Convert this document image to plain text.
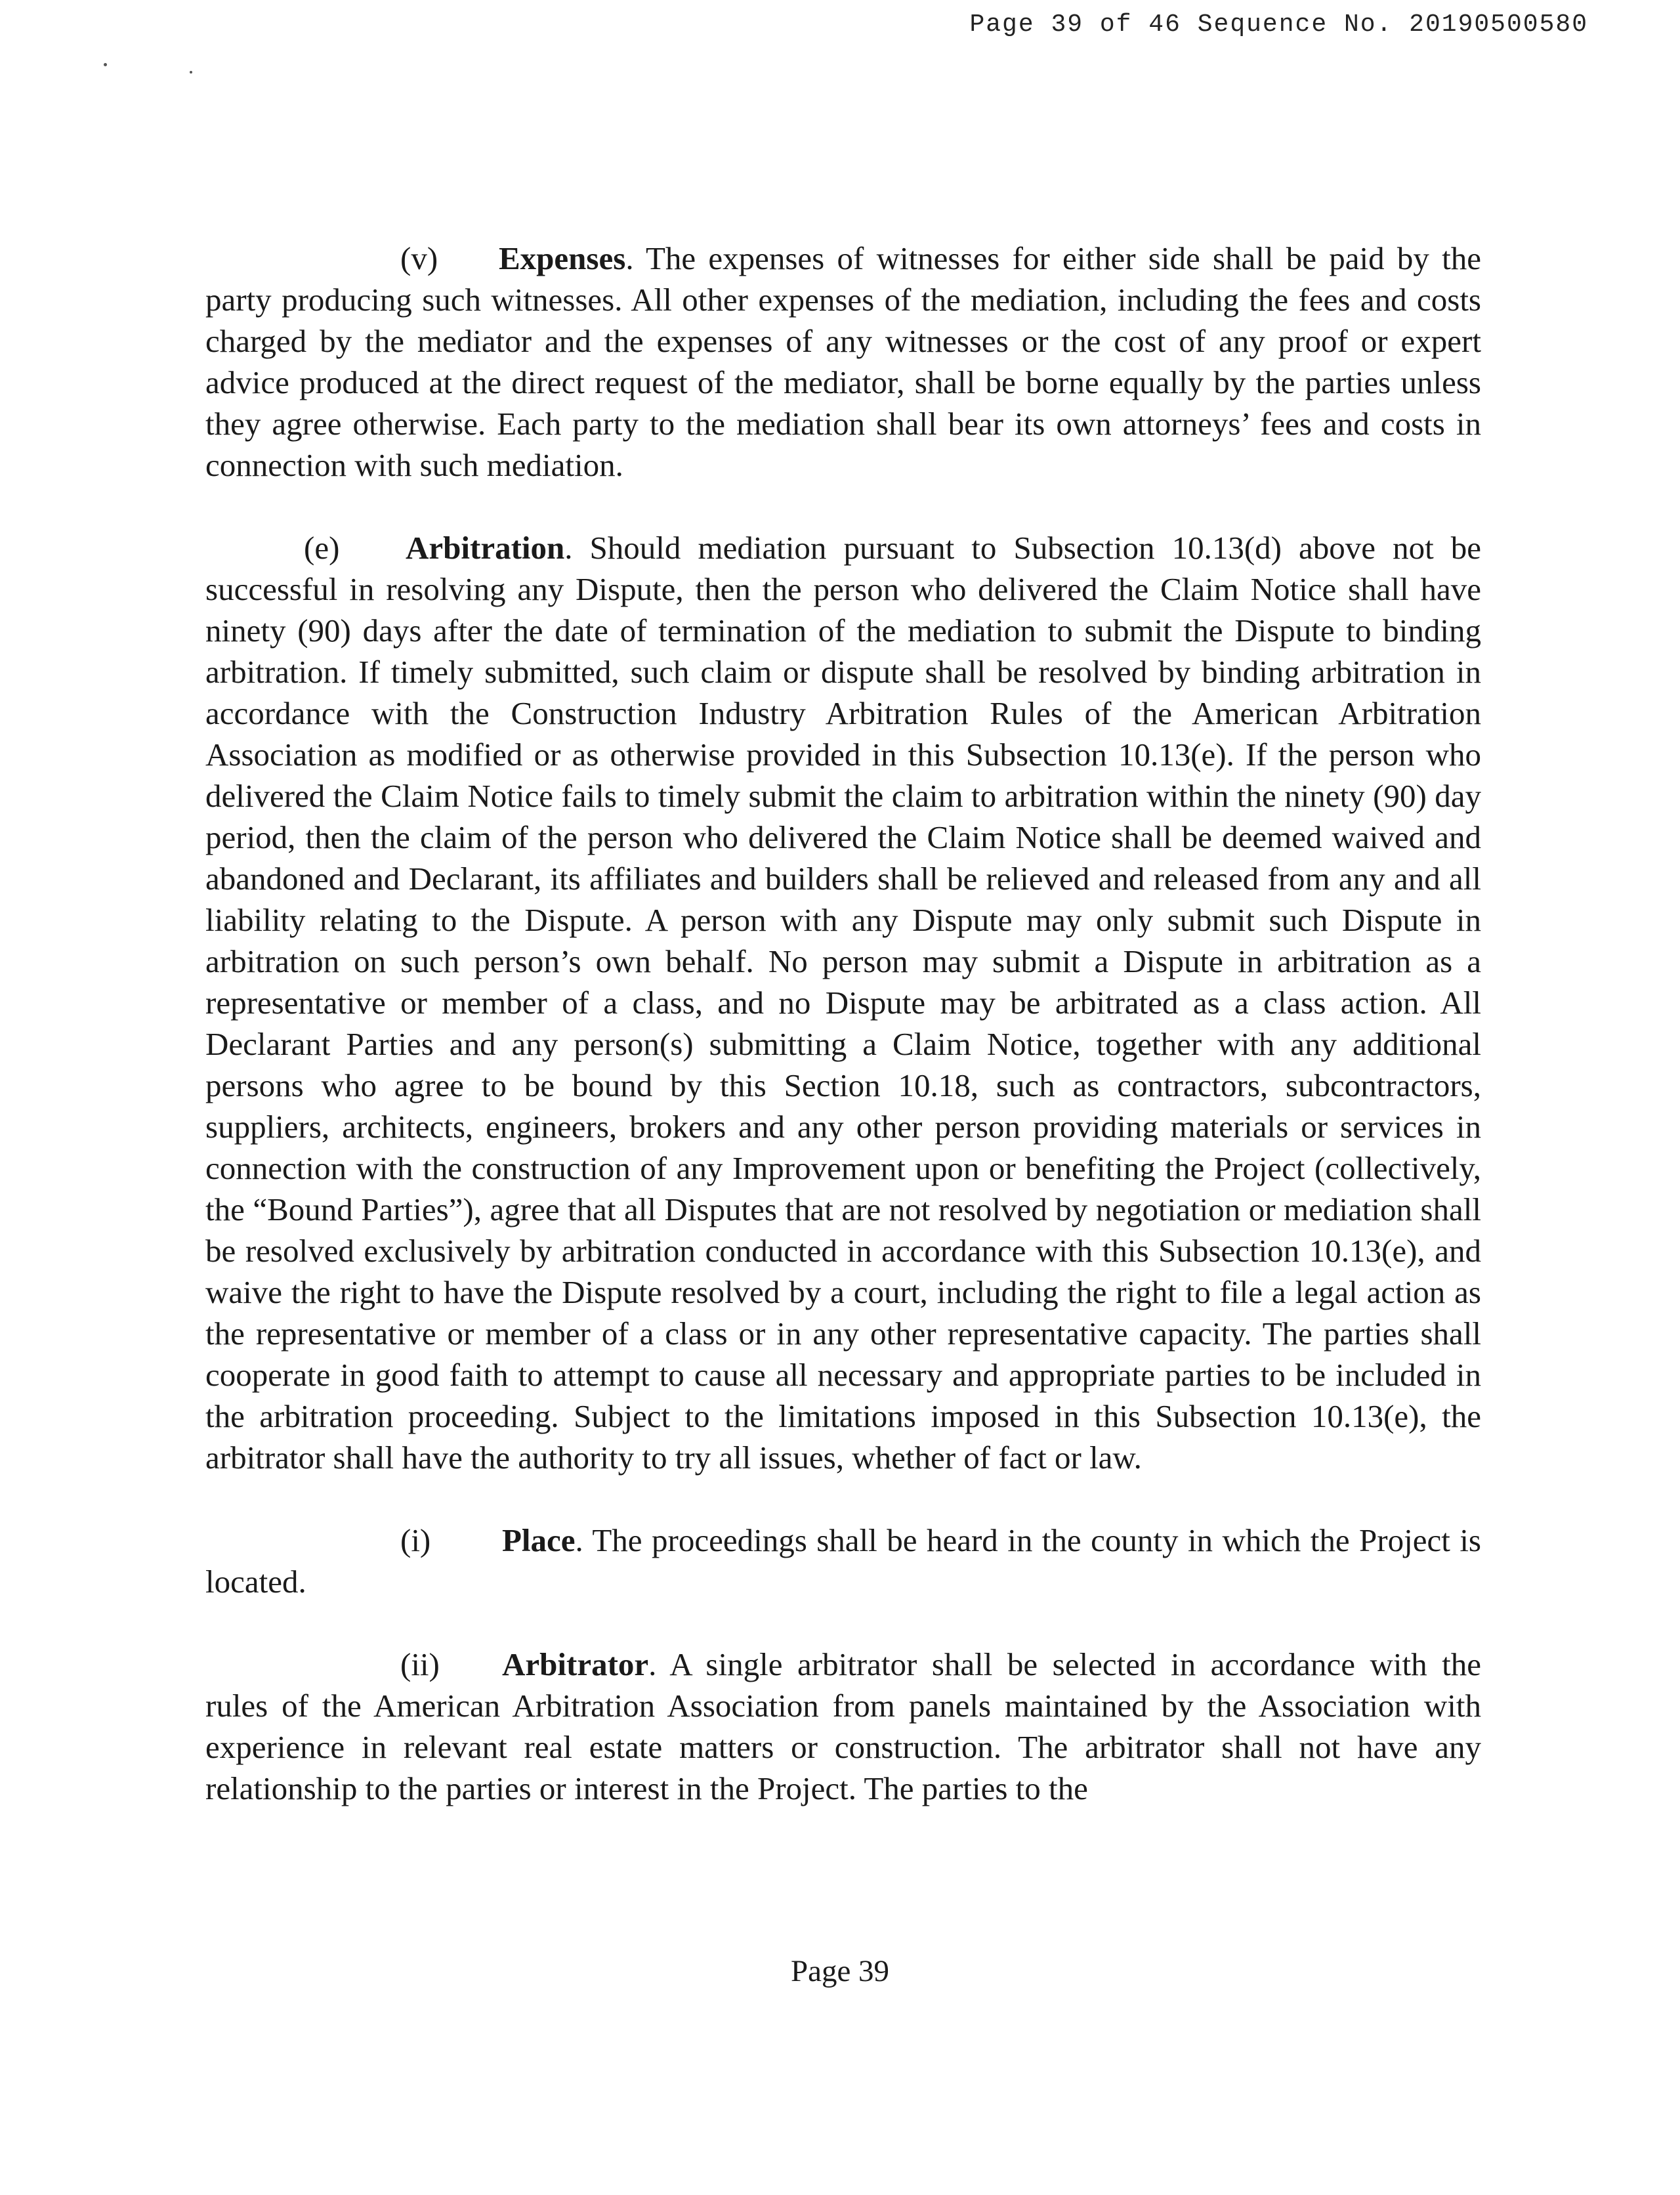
Page 39 of 46 Sequence No. 20190500580

(v) Expenses. The expenses of witnesses for either side shall be paid by the party producing such witnesses. All other expenses of the mediation, including the fees and costs charged by the mediator and the expenses of any witnesses or the cost of any proof or expert advice produced at the direct request of the mediator, shall be borne equally by the parties unless they agree otherwise. Each party to the mediation shall bear its own attorneys’ fees and costs in connection with such mediation.

(e) Arbitration. Should mediation pursuant to Subsection 10.13(d) above not be successful in resolving any Dispute, then the person who delivered the Claim Notice shall have ninety (90) days after the date of termination of the mediation to submit the Dispute to binding arbitration. If timely submitted, such claim or dispute shall be resolved by binding arbitration in accordance with the Construction Industry Arbitration Rules of the American Arbitration Association as modified or as otherwise provided in this Subsection 10.13(e). If the person who delivered the Claim Notice fails to timely submit the claim to arbitration within the ninety (90) day period, then the claim of the person who delivered the Claim Notice shall be deemed waived and abandoned and Declarant, its affiliates and builders shall be relieved and released from any and all liability relating to the Dispute. A person with any Dispute may only submit such Dispute in arbitration on such person’s own behalf. No person may submit a Dispute in arbitration as a representative or member of a class, and no Dispute may be arbitrated as a class action. All Declarant Parties and any person(s) submitting a Claim Notice, together with any additional persons who agree to be bound by this Section 10.18, such as contractors, subcontractors, suppliers, architects, engineers, brokers and any other person providing materials or services in connection with the construction of any Improvement upon or benefiting the Project (collectively, the “Bound Parties”), agree that all Disputes that are not resolved by negotiation or mediation shall be resolved exclusively by arbitration conducted in accordance with this Subsection 10.13(e), and waive the right to have the Dispute resolved by a court, including the right to file a legal action as the representative or member of a class or in any other representative capacity. The parties shall cooperate in good faith to attempt to cause all necessary and appropriate parties to be included in the arbitration proceeding. Subject to the limitations imposed in this Subsection 10.13(e), the arbitrator shall have the authority to try all issues, whether of fact or law.

(i) Place. The proceedings shall be heard in the county in which the Project is located.

(ii) Arbitrator. A single arbitrator shall be selected in accordance with the rules of the American Arbitration Association from panels maintained by the Association with experience in relevant real estate matters or construction. The arbitrator shall not have any relationship to the parties or interest in the Project. The parties to the

Page 39
